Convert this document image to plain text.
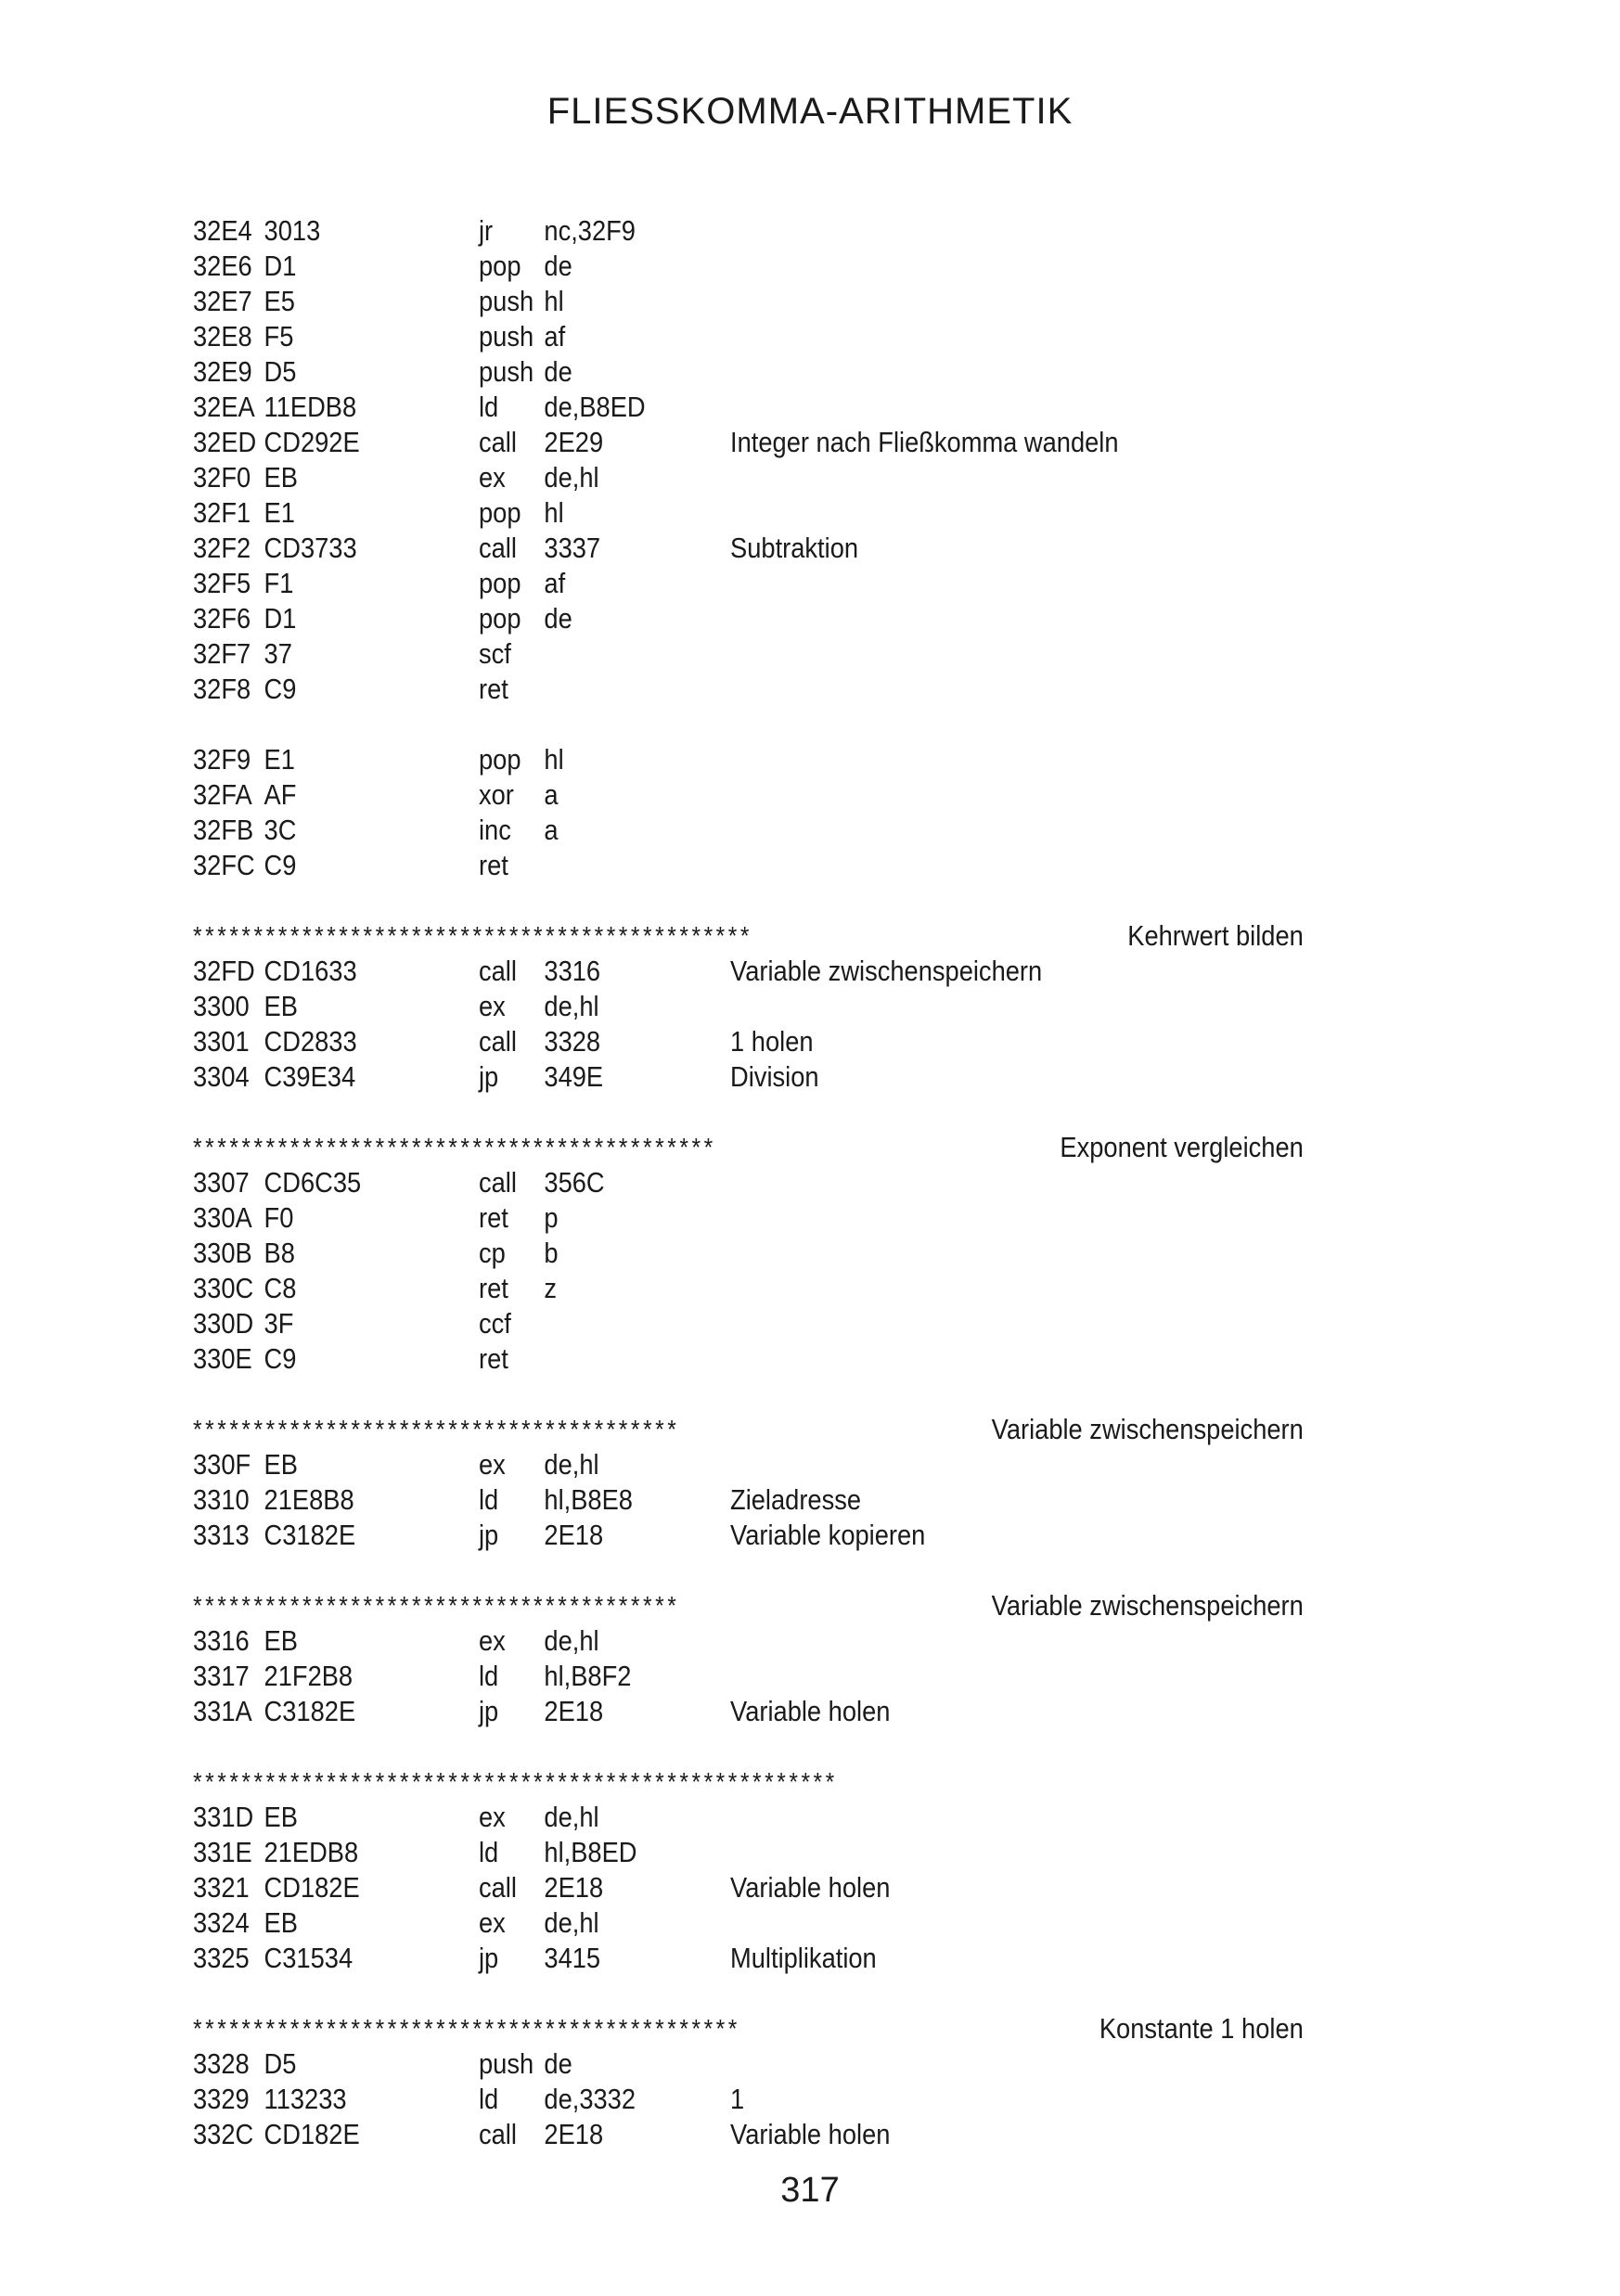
FLIESSKOMMA-ARITHMETIK
32E4 3013	jr nc,32F9
32E6 D1	pop de
32E7 E5	push hl
32E8 F5	push af
32E9 D5	push de
32EA 11EDB8	ld de,B8ED
32ED CD292E	call 2E29	Integer nach Fließkomma wandeln
32F0 EB	ex de,hl
32F1 E1	pop hl
32F2 CD3733	call 3337	Subtraktion
32F5 F1	pop af
32F6 D1	pop de
32F7 37	scf
32F8 C9	ret
32F9 E1	pop hl
32FA AF	xor a
32FB 3C	inc a
32FC C9	ret
**********************************************	Kehrwert bilden
32FD CD1633	call 3316	Variable zwischenspeichern
3300 EB	ex de,hl
3301 CD2833	call 3328	1 holen
3304 C39E34	jp 349E	Division
*******************************************	Exponent vergleichen
3307 CD6C35	call 356C
330A F0	ret p
330B B8	cp b
330C C8	ret z
330D 3F	ccf
330E C9	ret
****************************************	Variable zwischenspeichern
330F EB	ex de,hl
3310 21E8B8	ld hl,B8E8	Zieladresse
3313 C3182E	jp 2E18	Variable kopieren
****************************************	Variable zwischenspeichern
3316 EB	ex de,hl
3317 21F2B8	ld hl,B8F2
331A C3182E	jp 2E18	Variable holen
*****************************************************
331D EB	ex de,hl
331E 21EDB8	ld hl,B8ED
3321 CD182E	call 2E18	Variable holen
3324 EB	ex de,hl
3325 C31534	jp 3415	Multiplikation
*********************************************	Konstante 1 holen
3328 D5	push de
3329 113233	ld de,3332	1
332C CD182E	call 2E18	Variable holen
317
